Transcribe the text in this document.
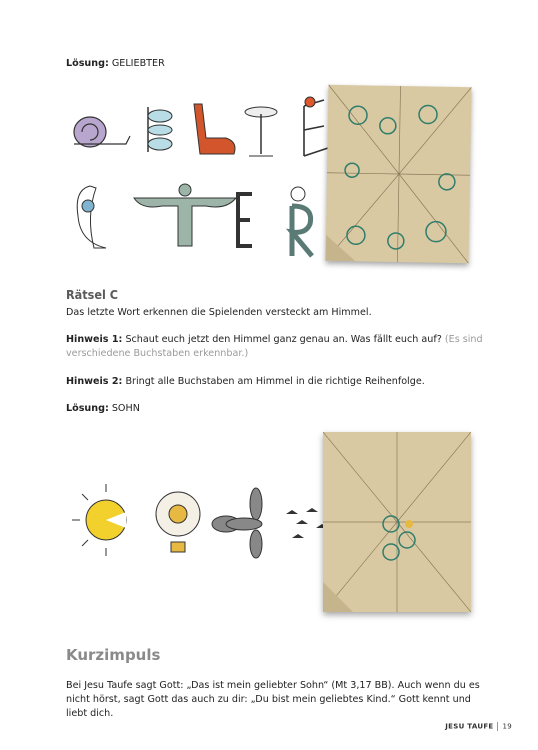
Lösung: GELIEBTER
Rätsel C
Das letzte Wort erkennen die Spielenden versteckt am Himmel.
Hinweis 1: Schaut euch jetzt den Himmel ganz genau an. Was fällt euch auf? (Es sind verschiedene Buchstaben erkennbar.)
Hinweis 2: Bringt alle Buchstaben am Himmel in die richtige Reihenfolge.
Lösung: SOHN
Kurzimpuls
Bei Jesu Taufe sagt Gott: „Das ist mein geliebter Sohn“ (Mt 3,17 BB). Auch wenn du es nicht hörst, sagt Gott das auch zu dir: „Du bist mein geliebtes Kind.“ Gott kennt und liebt dich.
JESU TAUFE 19
